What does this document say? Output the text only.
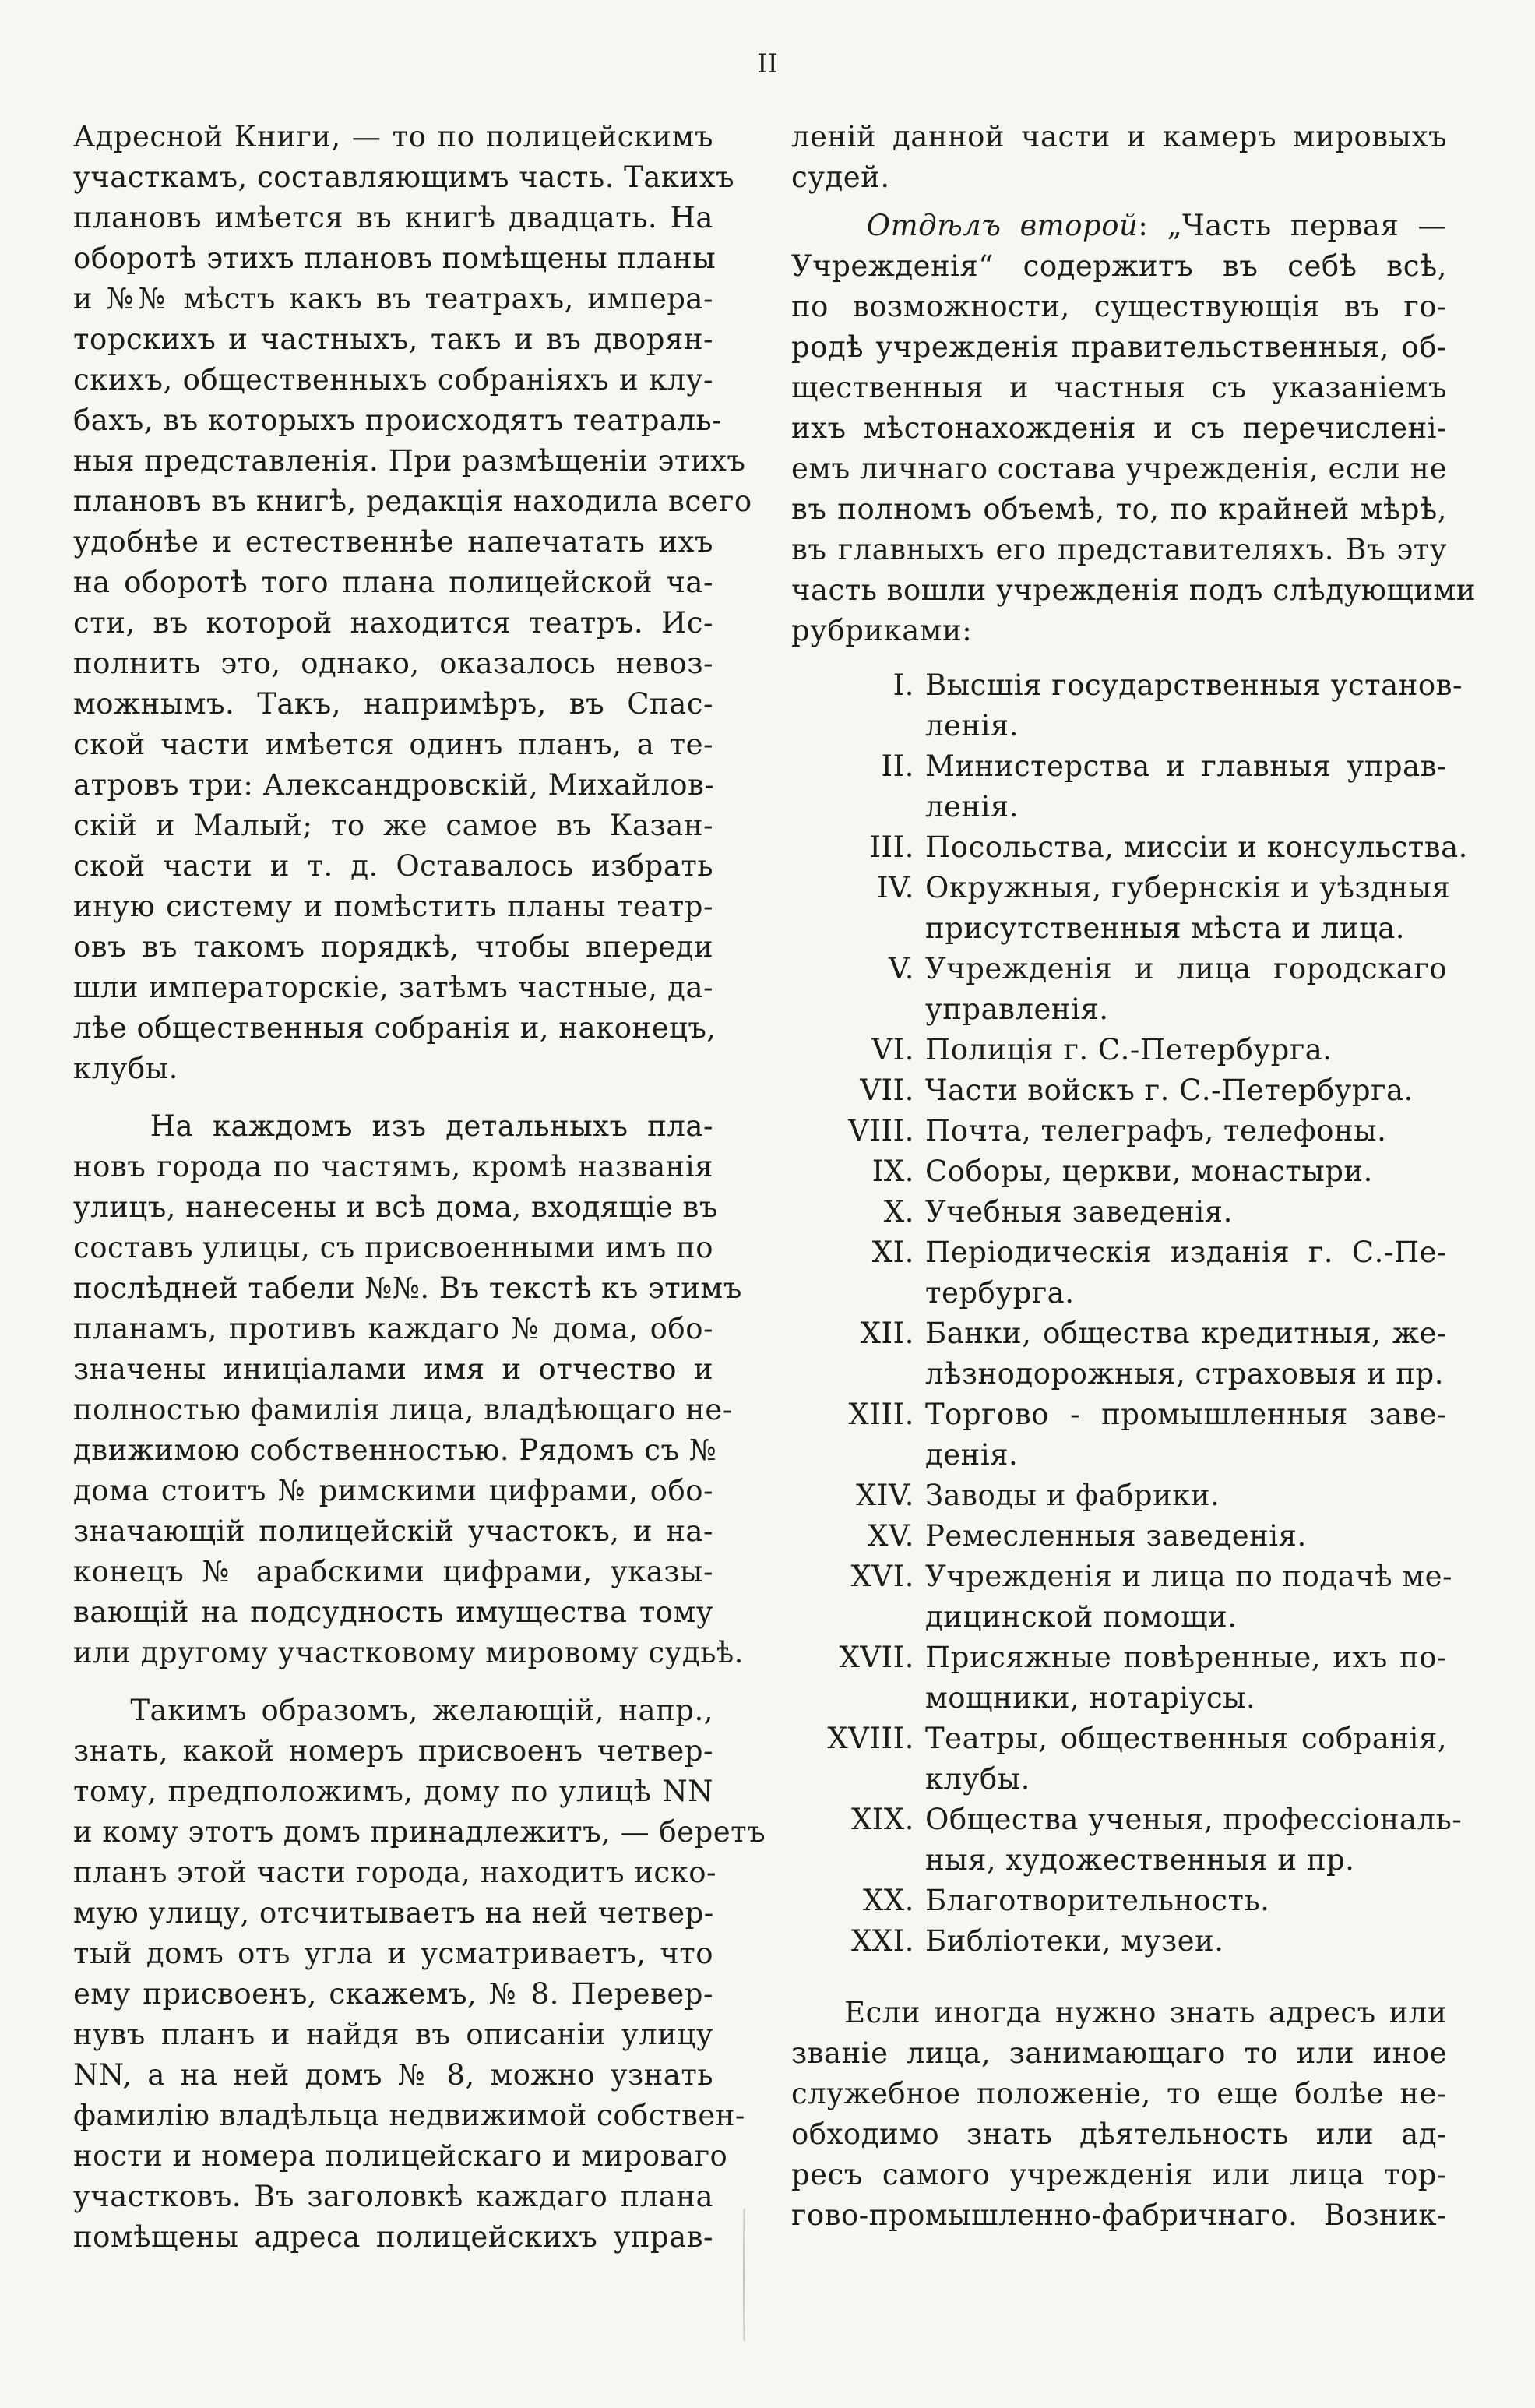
II
Адресной Книги, — то по полицейскимъ
участкамъ, составляющимъ часть. Такихъ
плановъ имѣется въ книгѣ двадцать. На
оборотѣ этихъ плановъ помѣщены планы
и №№ мѣстъ какъ въ театрахъ, импера-
торскихъ и частныхъ, такъ и въ дворян-
скихъ, общественныхъ собраніяхъ и клу-
бахъ, въ которыхъ происходятъ театраль-
ныя представленія. При размѣщеніи этихъ
плановъ въ книгѣ, редакція находила всего
удобнѣе и естественнѣе напечатать ихъ
на оборотѣ того плана полицейской ча-
сти, въ которой находится театръ. Ис-
полнить это, однако, оказалось невоз-
можнымъ. Такъ, напримѣръ, въ Спас-
ской части имѣется одинъ планъ, а те-
атровъ три: Александровскій, Михайлов-
скій и Малый; то же самое въ Казан-
ской части и т. д. Оставалось избрать
иную систему и помѣстить планы театр-
овъ въ такомъ порядкѣ, чтобы впереди
шли императорскіе, затѣмъ частные, да-
лѣе общественныя собранія и, наконецъ,
клубы.
На каждомъ изъ детальныхъ пла-
новъ города по частямъ, кромѣ названія
улицъ, нанесены и всѣ дома, входящіе въ
составъ улицы, съ присвоенными имъ по
послѣдней табели №№. Въ текстѣ къ этимъ
планамъ, противъ каждаго № дома, обо-
значены иницiалами имя и отчество и
полностью фамилія лица, владѣющаго не-
движимою собственностью. Рядомъ съ №
дома стоитъ № римскими цифрами, обо-
значающій полицейскій участокъ, и на-
конецъ № арабскими цифрами, указы-
вающій на подсудность имущества тому
или другому участковому мировому судьѣ.
Такимъ образомъ, желающій, напр.,
знать, какой номеръ присвоенъ четвер-
тому, предположимъ, дому по улицѣ NN
и кому этотъ домъ принадлежитъ, — беретъ
планъ этой части города, находитъ иско-
мую улицу, отсчитываетъ на ней четвер-
тый домъ отъ угла и усматриваетъ, что
ему присвоенъ, скажемъ, № 8. Перевер-
нувъ планъ и найдя въ описаніи улицу
NN, а на ней домъ № 8, можно узнать
фамилію владѣльца недвижимой собствен-
ности и номера полицейскаго и мироваго
участковъ. Въ заголовкѣ каждаго плана
помѣщены адреса полицейскихъ управ-
леній данной части и камеръ мировыхъ
судей.
Отдѣлъ второй: „Часть первая —
Учрежденія“ содержитъ въ себѣ всѣ,
по возможности, существующія въ го-
родѣ учрежденія правительственныя, об-
щественныя и частныя съ указаніемъ
ихъ мѣстонахожденія и съ перечислені-
емъ личнаго состава учрежденія, если не
въ полномъ объемѣ, то, по крайней мѣрѣ,
въ главныхъ его представителяхъ. Въ эту
часть вошли учрежденія подъ слѣдующими
рубриками:
I. Высшія государственныя установ-
ленія.
II. Министерства и главныя управ-
ленія.
III. Посольства, миссіи и консульства.
IV. Окружныя, губернскія и уѣздныя
присутственныя мѣста и лица.
V. Учрежденія и лица городскаго
управленія.
VI. Полиція г. С.-Петербурга.
VII. Части войскъ г. С.-Петербурга.
VIII. Почта, телеграфъ, телефоны.
IX. Соборы, церкви, монастыри.
X. Учебныя заведенія.
XI. Періодическія изданія г. С.-Пе-
тербурга.
XII. Банки, общества кредитныя, же-
лѣзнодорожныя, страховыя и пр.
XIII. Торгово - промышленныя заве-
денія.
XIV. Заводы и фабрики.
XV. Ремесленныя заведенія.
XVI. Учрежденія и лица по подачѣ ме-
дицинской помощи.
XVII. Присяжные повѣренные, ихъ по-
мощники, нотаріусы.
XVIII. Театры, общественныя собранія,
клубы.
XIX. Общества ученыя, профессіональ-
ныя, художественныя и пр.
XX. Благотворительность.
XXI. Библіотеки, музеи.
Если иногда нужно знать адресъ или
званіе лица, занимающаго то или иное
служебное положеніе, то еще болѣе не-
обходимо знать дѣятельность или ад-
ресъ самого учрежденія или лица тор-
гово-промышленно-фабричнаго. Возник-
